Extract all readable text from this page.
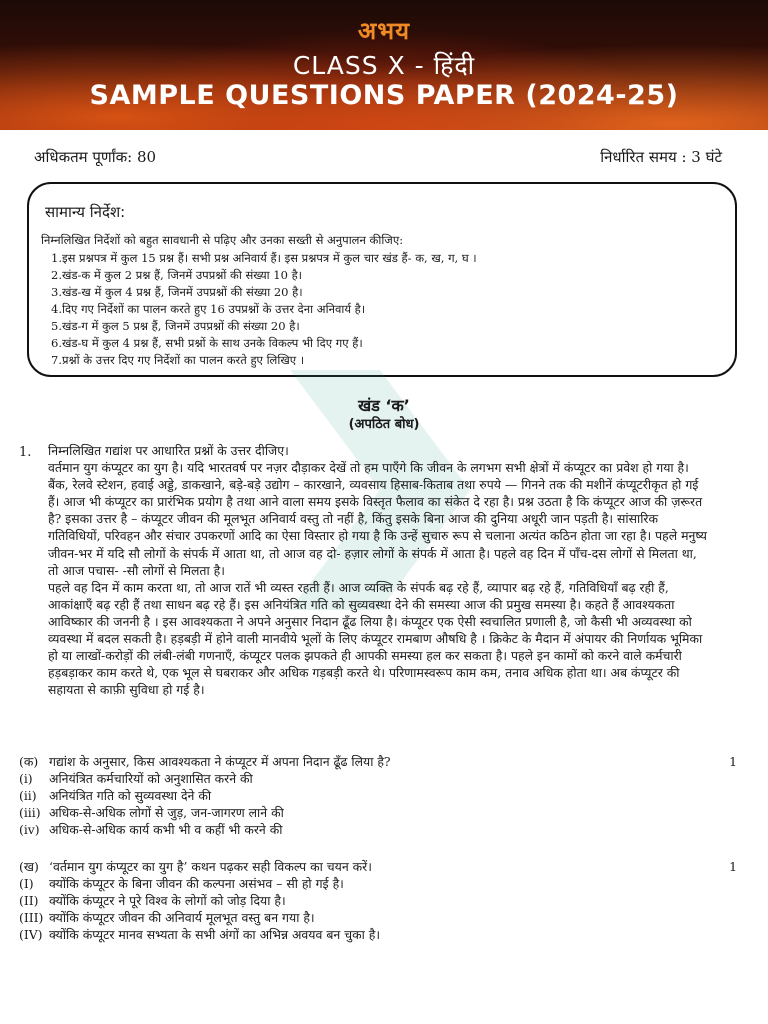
अभय
CLASS X - हिंदी
SAMPLE QUESTIONS PAPER (2024-25)
अधिकतम पूर्णांक: 80	निर्धारित समय : 3 घंटे
सामान्य निर्देश:
निम्नलिखित निर्देशों को बहुत सावधानी से पढ़िए और उनका सख्ती से अनुपालन कीजिए:
1.इस प्रश्नपत्र में कुल 15 प्रश्न हैं। सभी प्रश्न अनिवार्य हैं। इस प्रश्नपत्र में कुल चार खंड हैं- क, ख, ग, घ ।
2.खंड-क में कुल 2 प्रश्न हैं, जिनमें उपप्रश्नों की संख्या 10 है।
3.खंड-ख में कुल 4 प्रश्न हैं, जिनमें उपप्रश्नों की संख्या 20 है।
4.दिए गए निर्देशों का पालन करते हुए 16 उपप्रश्नों के उत्तर देना अनिवार्य है।
5.खंड-ग में कुल 5 प्रश्न हैं, जिनमें उपप्रश्नों की संख्या 20 है।
6.खंड-घ में कुल 4 प्रश्न हैं, सभी प्रश्नों के साथ उनके विकल्प भी दिए गए हैं।
7.प्रश्नों के उत्तर दिए गए निर्देशों का पालन करते हुए लिखिए ।
खंड ‘क’
(अपठित बोध)
1. निम्नलिखित गद्यांश पर आधारित प्रश्नों के उत्तर दीजिए।

वर्तमान युग कंप्यूटर का युग है। यदि भारतवर्ष पर नज़र दौड़ाकर देखें तो हम पाएँगे कि जीवन के लगभग सभी क्षेत्रों में कंप्यूटर का प्रवेश हो गया है। बैंक, रेलवे स्टेशन, हवाई अड्डे, डाकखाने, बड़े-बड़े उद्योग – कारखाने, व्यवसाय हिसाब-किताब तथा रुपये — गिनने तक की मशीनें कंप्यूटरीकृत हो गई हैं। आज भी कंप्यूटर का प्रारंभिक प्रयोग है तथा आने वाला समय इसके विस्तृत फैलाव का संकेत दे रहा है। प्रश्न उठता है कि कंप्यूटर आज की ज़रूरत है? इसका उत्तर है – कंप्यूटर जीवन की मूलभूत अनिवार्य वस्तु तो नहीं है, किंतु इसके बिना आज की दुनिया अधूरी जान पड़ती है। सांसारिक गतिविधियों, परिवहन और संचार उपकरणों आदि का ऐसा विस्तार हो गया है कि उन्हें सुचारु रूप से चलाना अत्यंत कठिन होता जा रहा है। पहले मनुष्य जीवन-भर में यदि सौ लोगों के संपर्क में आता था, तो आज वह दो- हज़ार लोगों के संपर्क में आता है। पहले वह दिन में पाँच-दस लोगों से मिलता था, तो आज पचास- -सौ लोगों से मिलता है।

पहले वह दिन में काम करता था, तो आज रातें भी व्यस्त रहती हैं। आज व्यक्ति के संपर्क बढ़ रहे हैं, व्यापार बढ़ रहे हैं, गतिविधियाँ बढ़ रही हैं, आकांक्षाएँ बढ़ रही हैं तथा साधन बढ़ रहे हैं। इस अनियंत्रित गति को सुव्यवस्था देने की समस्या आज की प्रमुख समस्या है। कहते हैं आवश्यकता आविष्कार की जननी है । इस आवश्यकता ने अपने अनुसार निदान ढूँढ लिया है। कंप्यूटर एक ऐसी स्वचालित प्रणाली है, जो कैसी भी अव्यवस्था को व्यवस्था में बदल सकती है। हड़बड़ी में होने वाली मानवीये भूलों के लिए कंप्यूटर रामबाण औषधि है । क्रिकेट के मैदान में अंपायर की निर्णायक भूमिका हो या लाखों-करोड़ों की लंबी-लंबी गणनाएँ, कंप्यूटर पलक झपकते ही आपकी समस्या हल कर सकता है। पहले इन कामों को करने वाले कर्मचारी हड़बड़ाकर काम करते थे, एक भूल से घबराकर और अधिक गड़बड़ी करते थे। परिणामस्वरूप काम कम, तनाव अधिक होता था। अब कंप्यूटर की सहायता से काफ़ी सुविधा हो गई है।

(क) गद्यांश के अनुसार, किस आवश्यकता ने कंप्यूटर में अपना निदान ढूँढ लिया है?	1
(i)	अनियंत्रित कर्मचारियों को अनुशासित करने की
(ii)	अनियंत्रित गति को सुव्यवस्था देने की
(iii) अधिक-से-अधिक लोगों से जुड़, जन-जागरण लाने की
(iv) अधिक-से-अधिक कार्य कभी भी व कहीं भी करने की
(ख) ‘वर्तमान युग कंप्यूटर का युग है’ कथन पढ़कर सही विकल्प का चयन करें।	1
(I)	क्योंकि कंप्यूटर के बिना जीवन की कल्पना असंभव – सी हो गई है।
(II) क्योंकि कंप्यूटर ने पूरे विश्व के लोगों को जोड़ दिया है।
(III) क्योंकि कंप्यूटर जीवन की अनिवार्य मूलभूत वस्तु बन गया है।
(IV) क्योंकि कंप्यूटर मानव सभ्यता के सभी अंगों का अभिन्न अवयव बन चुका है।
